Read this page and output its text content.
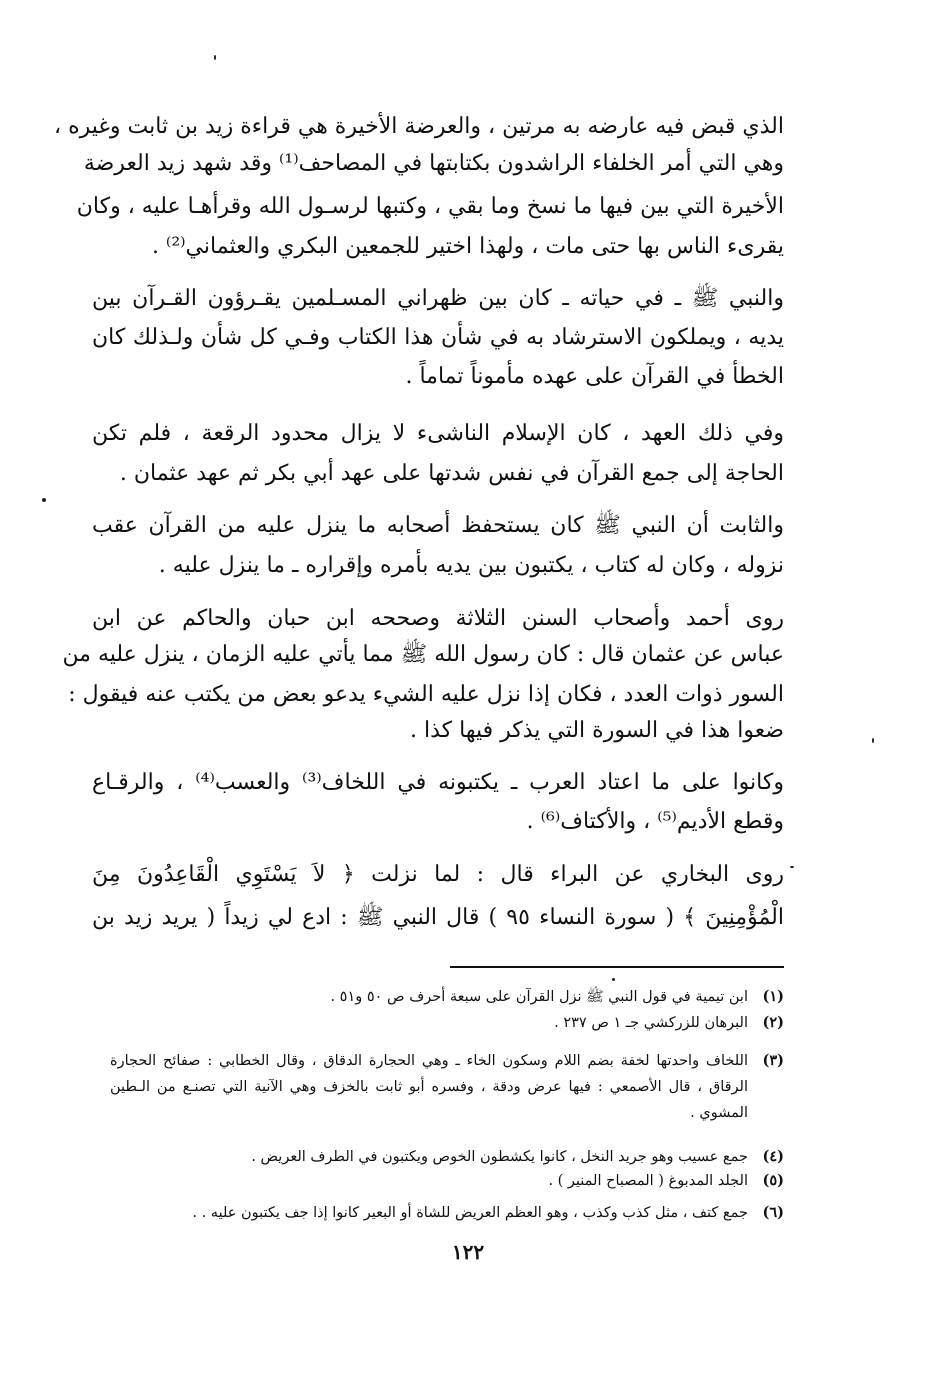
الذي قبض فيه عارضه به مرتين ، والعرضة الأخيرة هي قراءة زيد بن ثابت وغيره ،
وهي التي أمر الخلفاء الراشدون بكتابتها في المصاحف⁽¹⁾ وقد شهد زيد العرضة
الأخيرة التي بين فيها ما نسخ وما بقي ، وكتبها لرسـول الله وقرأهـا عليه ، وكان
يقرىء الناس بها حتى مات ، ولهذا اختير للجمعين البكري والعثماني⁽²⁾ .
والنبي ﷺ ـ في حياته ـ كان بين ظهراني المسـلمين يقـرؤون القـرآن بين
يديه ، ويملكون الاسترشاد به في شأن هذا الكتاب وفـي كل شأن ولـذلك كان
الخطأ في القرآن على عهده مأموناً تماماً .
وفي ذلك العهد ، كان الإسلام الناشىء لا يزال محدود الرقعة ، فلم تكن
الحاجة إلى جمع القرآن في نفس شدتها على عهد أبي بكر ثم عهد عثمان .
والثابت أن النبي ﷺ كان يستحفظ أصحابه ما ينزل عليه من القرآن عقب
نزوله ، وكان له كتاب ، يكتبون بين يديه بأمره وإقراره ـ ما ينزل عليه .
روى أحمد وأصحاب السنن الثلاثة وصححه ابن حبان والحاكم عن ابن
عباس عن عثمان قال : كان رسول الله ﷺ مما يأتي عليه الزمان ، ينزل عليه من
السور ذوات العدد ، فكان إذا نزل عليه الشيء يدعو بعض من يكتب عنه فيقول :
ضعوا هذا في السورة التي يذكر فيها كذا .
وكانوا على ما اعتاد العرب ـ يكتبونه في اللخاف⁽³⁾ والعسب⁽⁴⁾ ، والرقـاع
وقطع الأديم⁽⁵⁾ ، والأكتاف⁽⁶⁾ .
روى البخاري عن البراء قال : لما نزلت ﴿ لاَ يَسْتَوِي الْقَاعِدُونَ مِنَ
الْمُؤْمِنِينَ ﴾ ( سورة النساء ٩٥ ) قال النبي ﷺ : ادع لي زيداً ( يريد زيد بن
(١)
ابن تيمية في قول النبي ﷺ نزل القرآن على سبعة أحرف ص ٥٠ و٥١ .
(٢)
البرهان للزركشي جـ ١ ص ٢٣٧ .
(٣)
اللخاف واحدتها لخفة بضم اللام وسكون الخاء ـ وهي الحجارة الدقاق ، وقال الخطابي : صفائح الحجارة
الرقاق ، قال الأصمعي : فيها عرض ودقة ، وفسره أبو ثابت بالخزف وهي الآنية التي تصنـع من الـطين
المشوي .
(٤)
جمع عسيب وهو جريد النخل ، كانوا يكشطون الخوص ويكتبون في الطرف العريض .
(٥)
الجلد المدبوغ ( المصباح المنير ) .
(٦)
جمع كتف ، مثل كذب وكذب ، وهو العظم العريض للشاة أو البعير كانوا إذا جف يكتبون عليه . .
١٢٢
